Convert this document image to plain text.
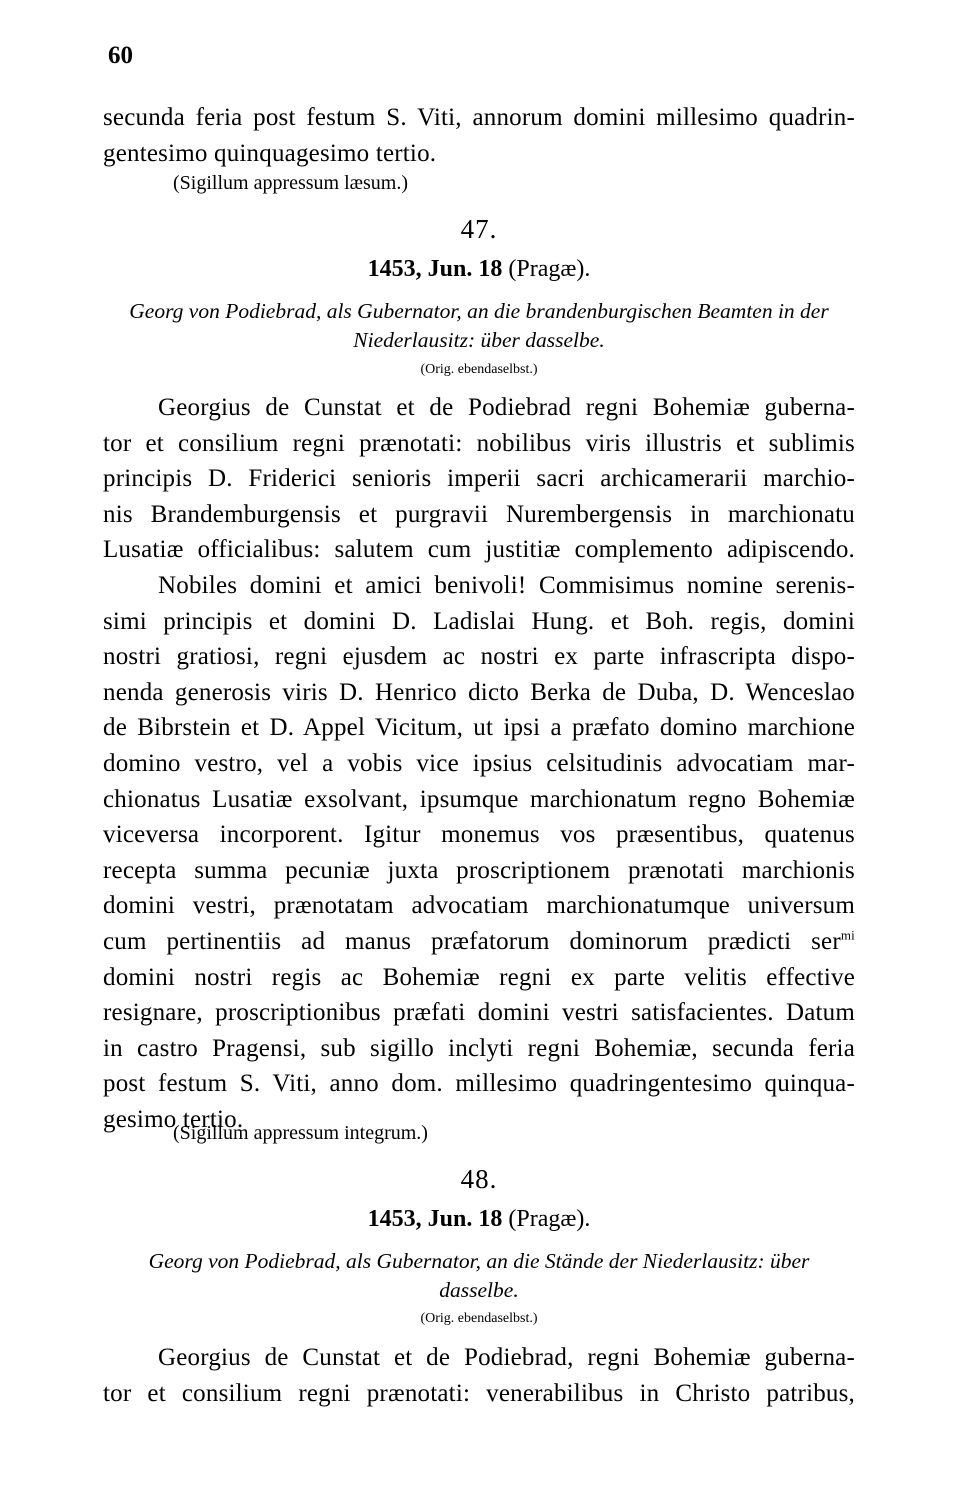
60
secunda feria post festum S. Viti, annorum domini millesimo quadrin-
gentesimo quinquagesimo tertio.
(Sigillum appressum læsum.)
47.
1453, Jun. 18 (Pragæ).
Georg von Podiebrad, als Gubernator, an die brandenburgischen Beamten in der
Niederlausitz: über dasselbe.
(Orig. ebendaselbst.)
Georgius de Cunstat et de Podiebrad regni Bohemiæ guberna-
tor et consilium regni prænotati: nobilibus viris illustris et sublimis
principis D. Friderici senioris imperii sacri archicamerarii marchio-
nis Brandemburgensis et purgravii Nurembergensis in marchionatu
Lusatiæ officialibus: salutem cum justitiæ complemento adipiscendo.
Nobiles domini et amici benivoli! Commisimus nomine serenis-
simi principis et domini D. Ladislai Hung. et Boh. regis, domini
nostri gratiosi, regni ejusdem ac nostri ex parte infrascripta dispo-
nenda generosis viris D. Henrico dicto Berka de Duba, D. Wenceslao
de Bibrstein et D. Appel Vicitum, ut ipsi a præfato domino marchione
domino vestro, vel a vobis vice ipsius celsitudinis advocatiam mar-
chionatus Lusatiæ exsolvant, ipsumque marchionatum regno Bohemiæ
viceversa incorporent. Igitur monemus vos præsentibus, quatenus
recepta summa pecuniæ juxta proscriptionem prænotati marchionis
domini vestri, prænotatam advocatiam marchionatumque universum
cum pertinentiis ad manus præfatorum dominorum prædicti ser$^{mi}$
domini nostri regis ac Bohemiæ regni ex parte velitis effective
resignare, proscriptionibus præfati domini vestri satisfacientes. Datum
in castro Pragensi, sub sigillo inclyti regni Bohemiæ, secunda feria
post festum S. Viti, anno dom. millesimo quadringentesimo quinqua-
gesimo tertio.
(Sigillum appressum integrum.)
48.
1453, Jun. 18 (Pragæ).
Georg von Podiebrad, als Gubernator, an die Stände der Niederlausitz: über
dasselbe.
(Orig. ebendaselbst.)
Georgius de Cunstat et de Podiebrad, regni Bohemiæ guberna-
tor et consilium regni prænotati: venerabilibus in Christo patribus,
